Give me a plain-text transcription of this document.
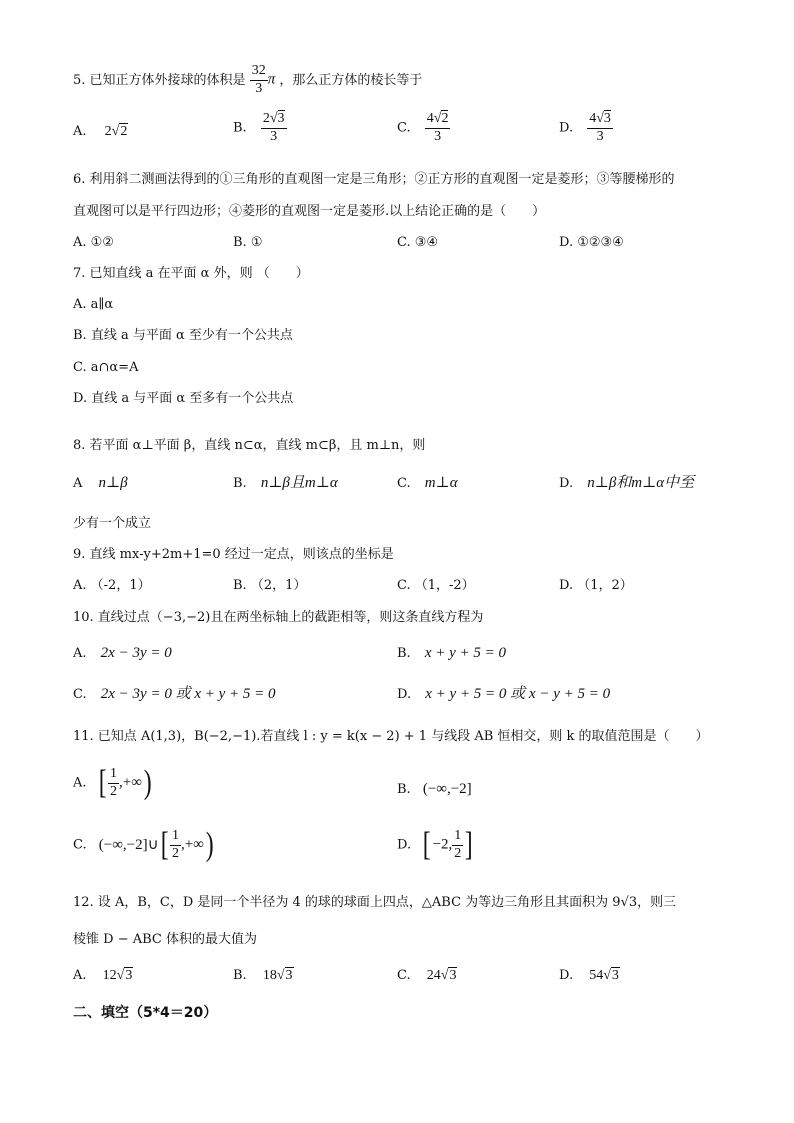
5. 已知正方体外接球的体积是 $\frac{32}{3}$ π ，那么正方体的棱长等于
A. 2√2	B. $\frac{2√3}{3}$	C. $\frac{4√2}{3}$	D. $\frac{4√3}{3}$
6. 利用斜二测画法得到的①三角形的直观图一定是三角形；②正方形的直观图一定是菱形；③等腰梯形的
直观图可以是平行四边形；④菱形的直观图一定是菱形.以上结论正确的是（　　）
A. ①②	B. ①	C. ③④	D. ①②③④
7. 已知直线 a 在平面 α 外，则 （　　）
A. a∥α
B. 直线 a 与平面 α 至少有一个公共点
C. a∩α=A
D. 直线 a 与平面 α 至多有一个公共点
8. 若平面 α⊥平面 β，直线 n⊂α，直线 m⊂β，且 m⊥n，则
A n⊥β	B. n⊥β且m⊥α	C. m⊥α	D. n⊥β和m⊥α中至
少有一个成立
9. 直线 mx-y+2m+1=0 经过一定点，则该点的坐标是
A. （-2，1）	B. （2，1）	C. （1，-2）	D. （1，2）
10. 直线过点（−3,−2)且在两坐标轴上的截距相等，则这条直线方程为
A. 2x − 3y = 0	B. x + y + 5 = 0
C. 2x − 3y = 0 或 x + y + 5 = 0	D. x + y + 5 = 0 或 x − y + 5 = 0
11. 已知点 A(1,3)，B(−2,−1).若直线 l : y = k(x − 2) + 1 与线段 AB 恒相交，则 k 的取值范围是（　　）
A. [ $\frac{1}{2}$ ,+∞)	B. (−∞,−2]
C. (−∞,−2]∪[ $\frac{1}{2}$ ,+∞)	D. [ −2, $\frac{1}{2}$ ]
12. 设 A，B，C，D 是同一个半径为 4 的球的球面上四点，△ABC 为等边三角形且其面积为 9√3，则三
棱锥 D − ABC 体积的最大值为
A. 12√3	B. 18√3	C. 24√3	D. 54√3
二、填空（5*4＝20）
